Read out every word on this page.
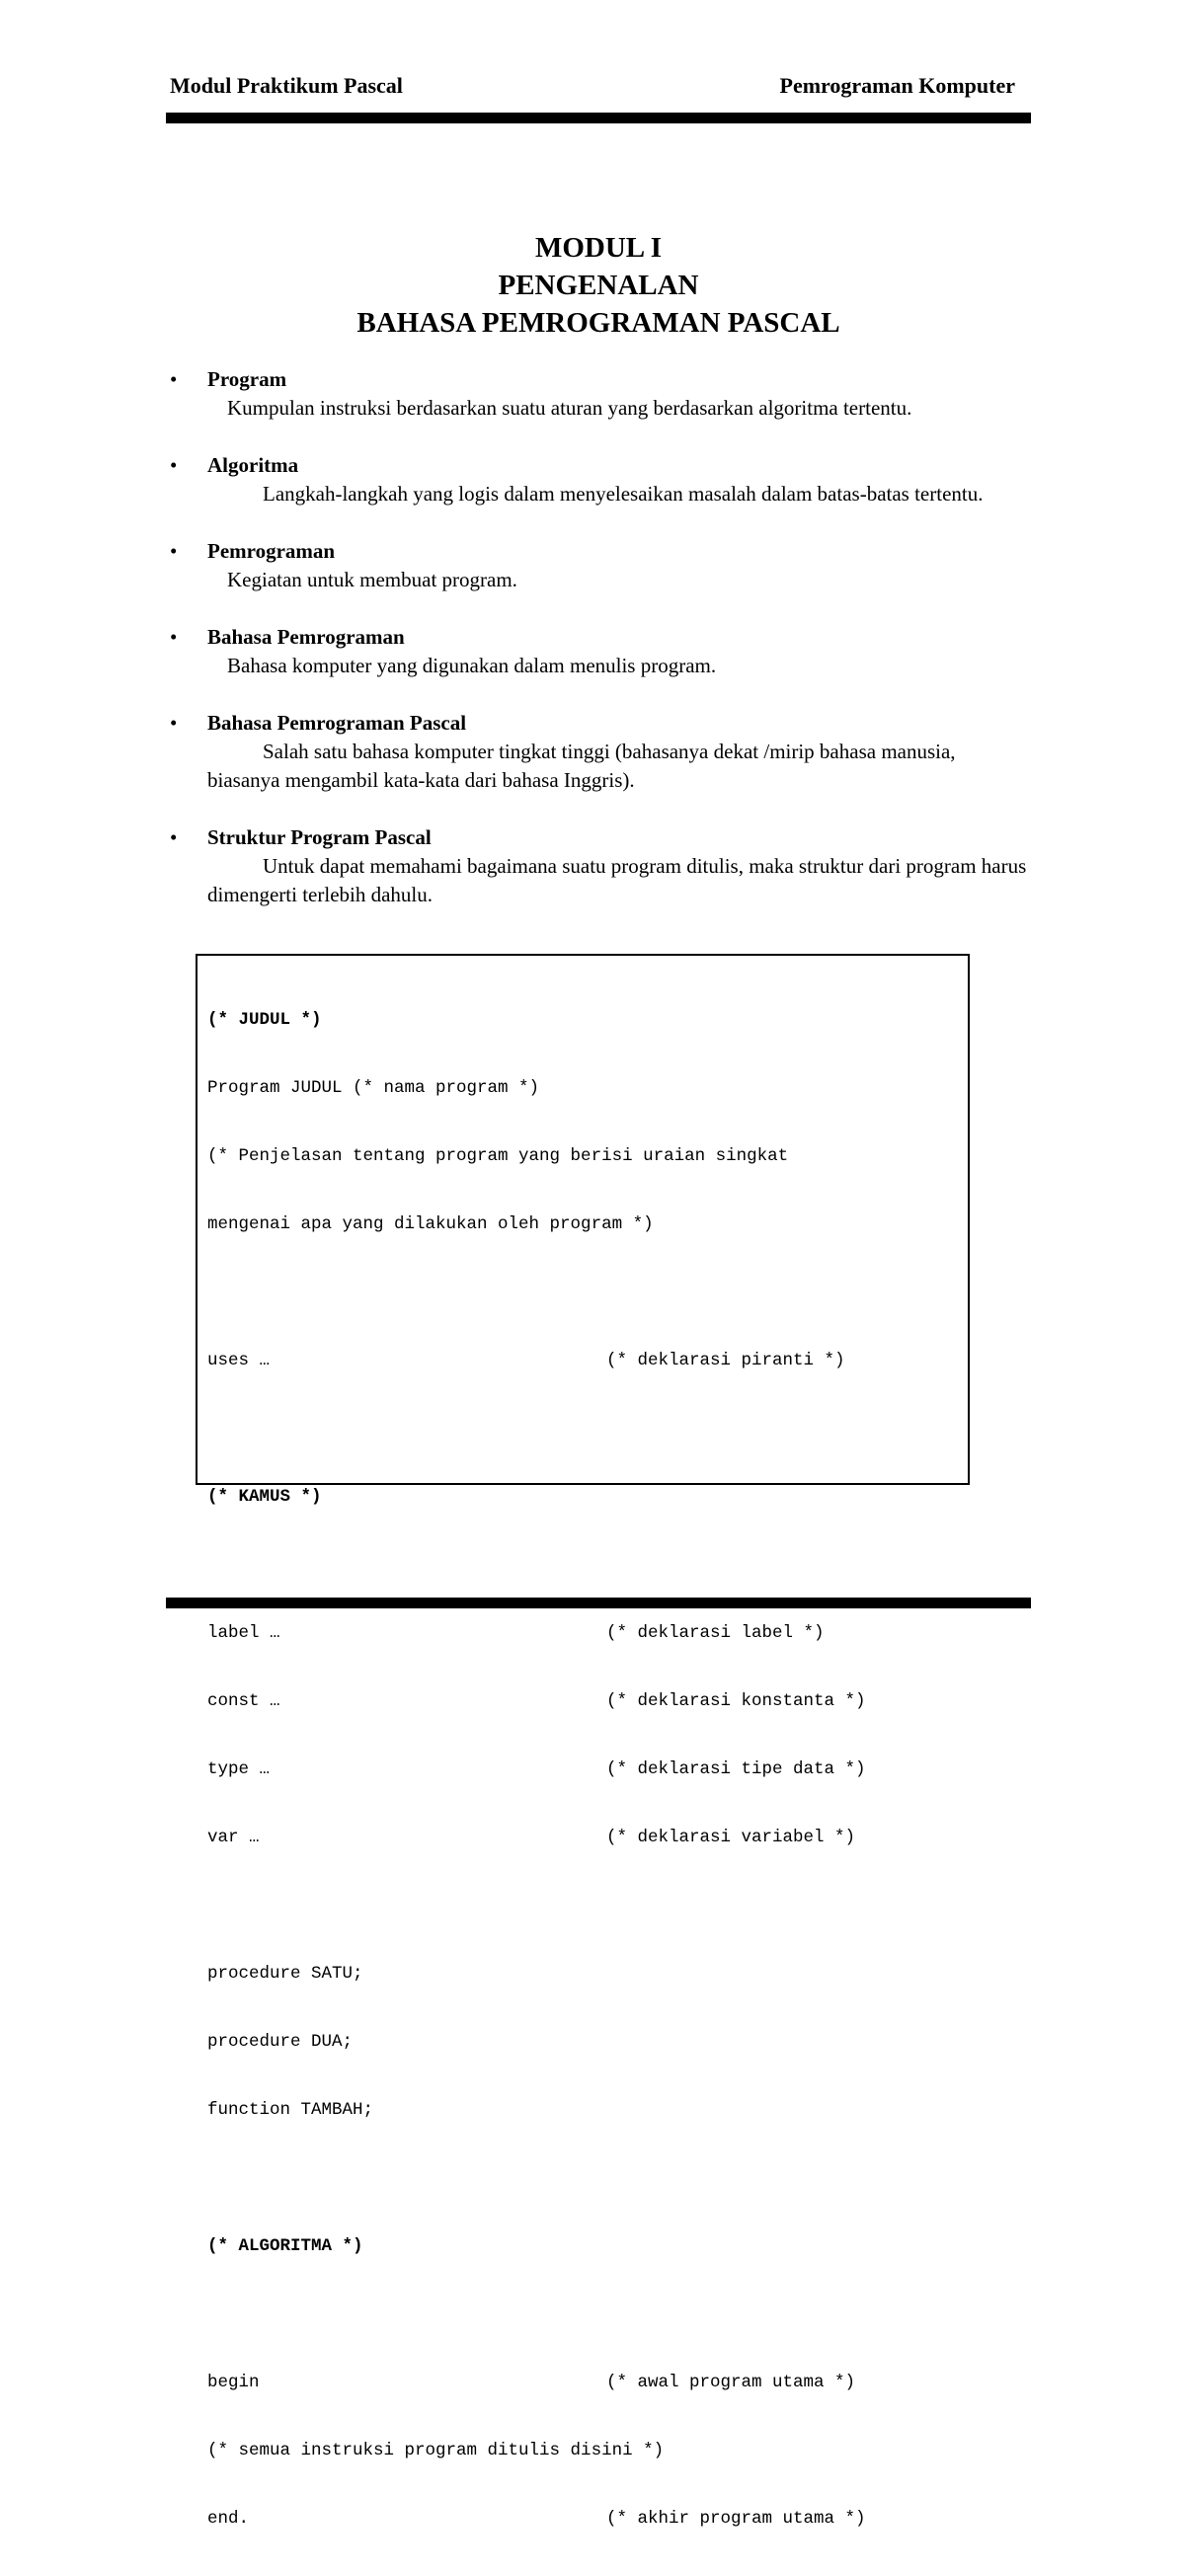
Modul Praktikum Pascal	Pemrograman Komputer
MODUL I
PENGENALAN
BAHASA PEMROGRAMAN PASCAL
• Program
Kumpulan instruksi berdasarkan suatu aturan yang berdasarkan algoritma tertentu.
• Algoritma
Langkah-langkah yang logis dalam menyelesaikan masalah dalam batas-batas tertentu.
• Pemrograman
Kegiatan untuk membuat program.
• Bahasa Pemrograman
Bahasa komputer yang digunakan dalam menulis program.
• Bahasa Pemrograman Pascal
Salah satu bahasa komputer tingkat tinggi (bahasanya dekat /mirip bahasa manusia, biasanya mengambil kata-kata dari bahasa Inggris).
• Struktur Program Pascal
Untuk dapat memahami bagaimana suatu program ditulis, maka struktur dari program harus dimengerti terlebih dahulu.

(* JUDUL *)

Program JUDUL (* nama program *)

(* Penjelasan tentang program yang berisi uraian singkat

mengenai apa yang dilakukan oleh program *)

uses …	(* deklarasi piranti *)

(* KAMUS *)

label …	(* deklarasi label *)

const …	(* deklarasi konstanta *)

type …	(* deklarasi tipe data *)

var …	(* deklarasi variabel *)

procedure SATU;

procedure DUA;

function TAMBAH;

(* ALGORITMA *)

begin	(* awal program utama *)

(* semua instruksi program ditulis disini *)

end.	(* akhir program utama *)
